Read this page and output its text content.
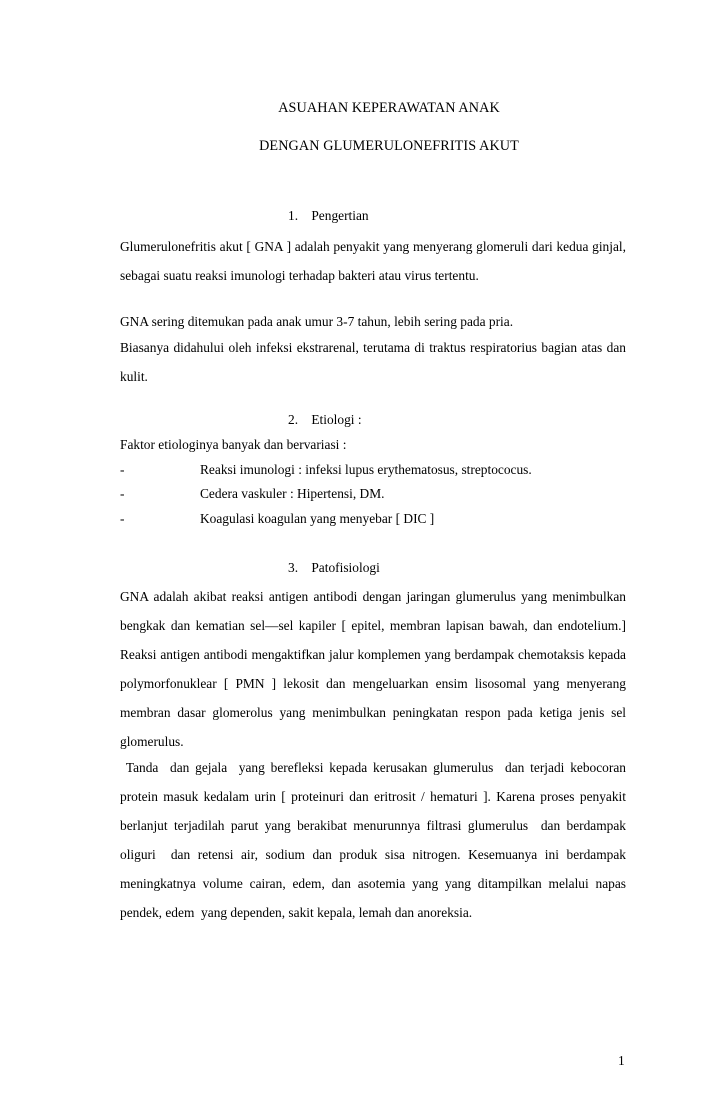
ASUAHAN KEPERAWATAN ANAK
DENGAN GLUMERULONEFRITIS AKUT
1. Pengertian

Glumerulonefritis akut [ GNA ] adalah penyakit yang menyerang glomeruli dari kedua ginjal, sebagai suatu reaksi imunologi terhadap bakteri atau virus tertentu.

GNA sering ditemukan pada anak umur 3-7 tahun, lebih sering pada pria.

Biasanya didahului oleh infeksi ekstrarenal, terutama di traktus respiratorius bagian atas dan kulit.

2. Etiologi :

Faktor etiologinya banyak dan bervariasi :

-	Reaksi imunologi : infeksi lupus erythematosus, streptococus.
-	Cedera vaskuler : Hipertensi, DM.
-	Koagulasi koagulan yang menyebar [ DIC ]
3. Patofisiologi

GNA adalah akibat reaksi antigen antibodi dengan jaringan glumerulus yang menimbulkan bengkak dan kematian sel—sel kapiler [ epitel, membran lapisan bawah, dan endotelium.] Reaksi antigen antibodi mengaktifkan jalur komplemen yang berdampak chemotaksis kepada polymorfonuklear [ PMN ] lekosit dan mengeluarkan ensim lisosomal yang menyerang membran dasar glomerolus yang menimbulkan peningkatan respon pada ketiga jenis sel glomerulus.

Tanda  dan gejala  yang berefleksi kepada kerusakan glumerulus  dan terjadi kebocoran protein masuk kedalam urin [ proteinuri dan eritrosit / hematuri ]. Karena proses penyakit berlanjut terjadilah parut yang berakibat menurunnya filtrasi glumerulus  dan berdampak oliguri  dan retensi air, sodium dan produk sisa nitrogen. Kesemuanya ini berdampak meningkatnya volume cairan, edem, dan asotemia yang yang ditampilkan melalui napas pendek, edem  yang dependen, sakit kepala, lemah dan anoreksia.

1
